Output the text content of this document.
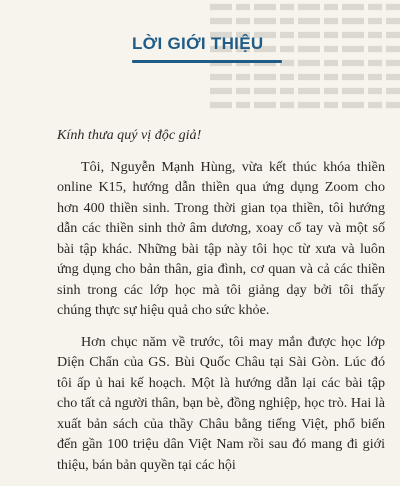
LỜI GIỚI THIỆU

Kính thưa quý vị độc giả!

Tôi, Nguyễn Mạnh Hùng, vừa kết thúc khóa thiền online K15, hướng dẫn thiền qua ứng dụng Zoom cho hơn 400 thiền sinh. Trong thời gian tọa thiền, tôi hướng dẫn các thiền sinh thở âm dương, xoay cổ tay và một số bài tập khác. Những bài tập này tôi học từ xưa và luôn ứng dụng cho bản thân, gia đình, cơ quan và cả các thiền sinh trong các lớp học mà tôi giảng dạy bởi tôi thấy chúng thực sự hiệu quả cho sức khỏe.

Hơn chục năm về trước, tôi may mắn được học lớp Diện Chẩn của GS. Bùi Quốc Châu tại Sài Gòn. Lúc đó tôi ấp ủ hai kế hoạch. Một là hướng dẫn lại các bài tập cho tất cả người thân, bạn bè, đồng nghiệp, học trò. Hai là xuất bản sách của thầy Châu bằng tiếng Việt, phổ biến đến gần 100 triệu dân Việt Nam rồi sau đó mang đi giới thiệu, bán bản quyền tại các hội
